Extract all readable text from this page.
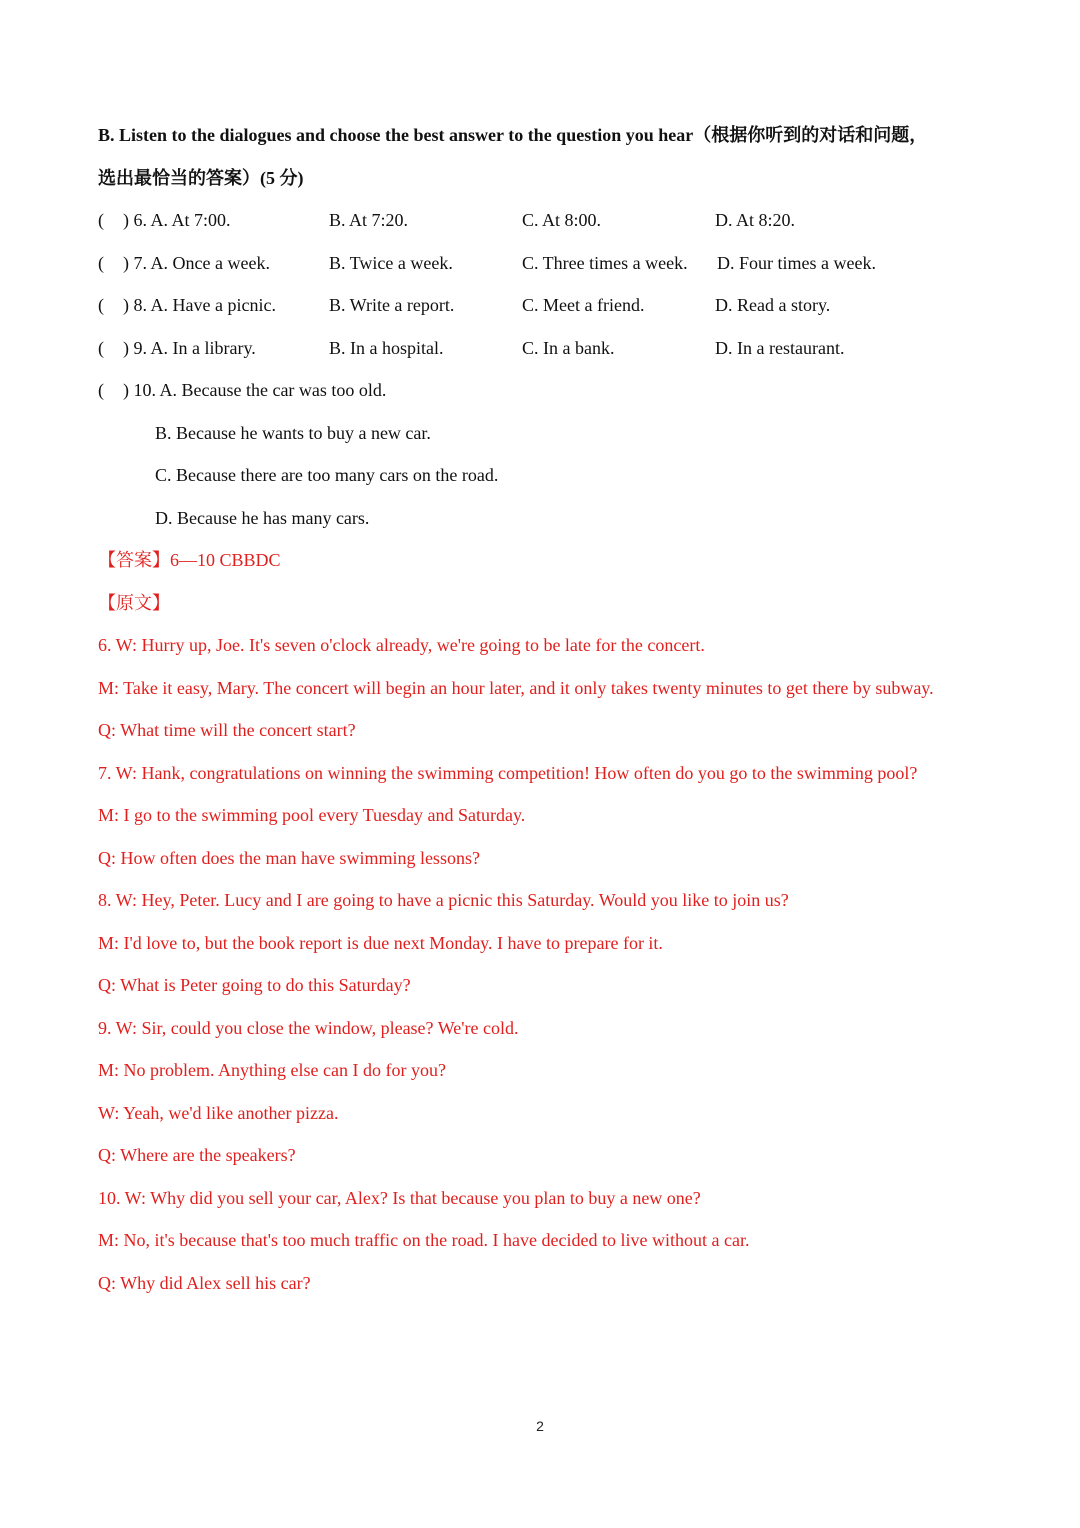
B. Listen to the dialogues and choose the best answer to the question you hear（根据你听到的对话和问题，
选出最恰当的答案）(5 分)
( ) 6. A. At 7:00.	B. At 7:20.	C. At 8:00.	D. At 8:20.
( ) 7. A. Once a week.	B. Twice a week.	C. Three times a week. D. Four times a week.
( ) 8. A. Have a picnic.	B. Write a report.	C. Meet a friend.	D. Read a story.
( ) 9. A. In a library.	B. In a hospital.	C. In a bank.	D. In a restaurant.
( ) 10. A. Because the car was too old.
B. Because he wants to buy a new car.
C. Because there are too many cars on the road.
D. Because he has many cars.
【答案】6—10 CBBDC
【原文】
6. W: Hurry up, Joe. It's seven o'clock already, we're going to be late for the concert.
M: Take it easy, Mary. The concert will begin an hour later, and it only takes twenty minutes to get there by subway.
Q: What time will the concert start?
7. W: Hank, congratulations on winning the swimming competition! How often do you go to the swimming pool?
M: I go to the swimming pool every Tuesday and Saturday.
Q: How often does the man have swimming lessons?
8. W: Hey, Peter. Lucy and I are going to have a picnic this Saturday. Would you like to join us?
M: I'd love to, but the book report is due next Monday. I have to prepare for it.
Q: What is Peter going to do this Saturday?
9. W: Sir, could you close the window, please? We're cold.
M: No problem. Anything else can I do for you?
W: Yeah, we'd like another pizza.
Q: Where are the speakers?
10. W: Why did you sell your car, Alex? Is that because you plan to buy a new one?
M: No, it's because that's too much traffic on the road. I have decided to live without a car.
Q: Why did Alex sell his car?
2
